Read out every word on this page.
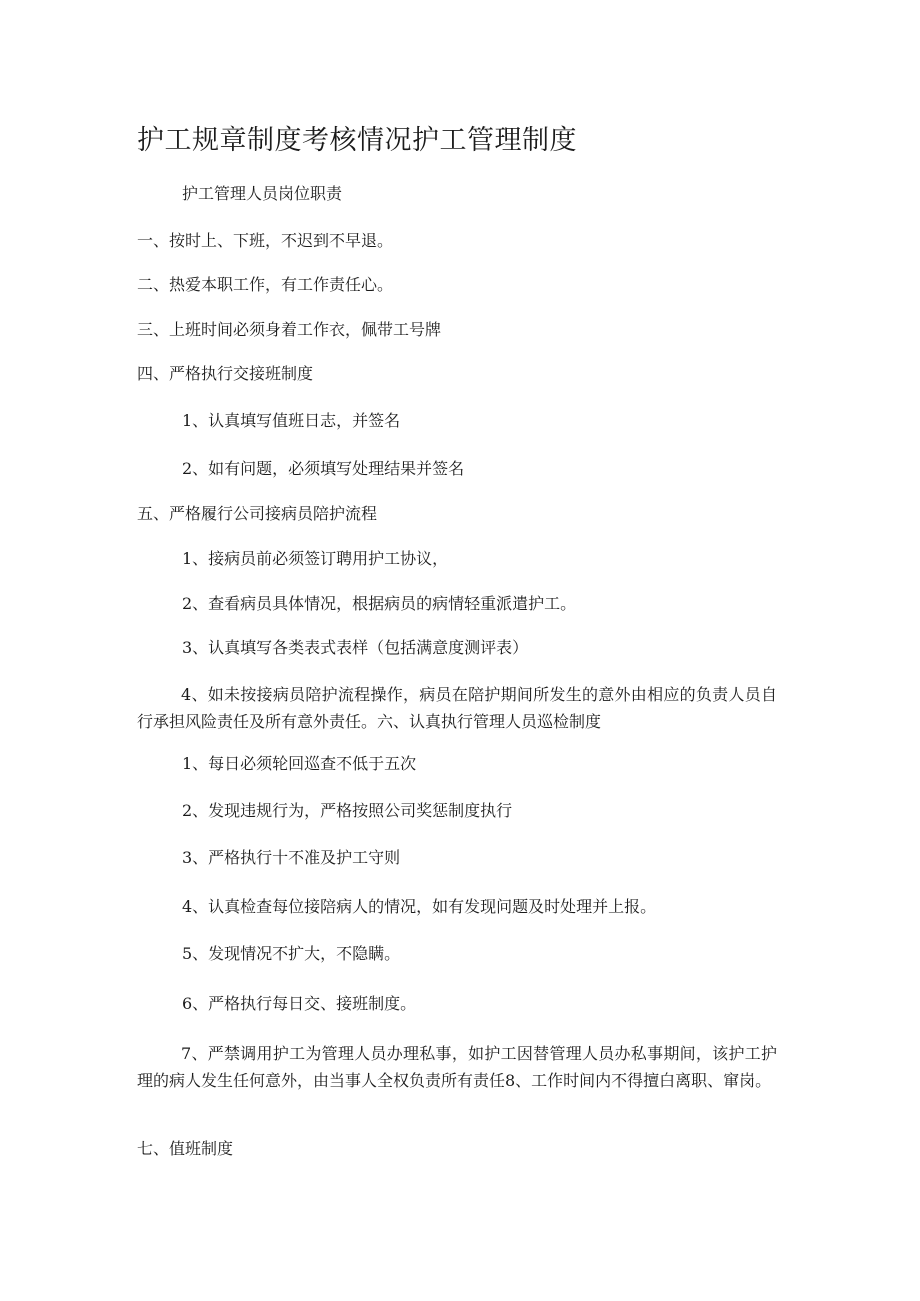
护工规章制度考核情况护工管理制度

护工管理人员岗位职责

一、按时上、下班，不迟到不早退。

二、热爱本职工作，有工作责任心。

三、上班时间必须身着工作衣，佩带工号牌

四、严格执行交接班制度

1、认真填写值班日志，并签名

2、如有问题，必须填写处理结果并签名

五、严格履行公司接病员陪护流程

1、接病员前必须签订聘用护工协议，

2、查看病员具体情况，根据病员的病情轻重派遣护工。

3、认真填写各类表式表样（包括满意度测评表）

4、如未按接病员陪护流程操作，病员在陪护期间所发生的意外由相应的负责人员自行承担风险责任及所有意外责任。六、认真执行管理人员巡检制度

1、每日必须轮回巡查不低于五次

2、发现违规行为，严格按照公司奖惩制度执行

3、严格执行十不准及护工守则

4、认真检查每位接陪病人的情况，如有发现问题及时处理并上报。

5、发现情况不扩大，不隐瞒。

6、严格执行每日交、接班制度。

7、严禁调用护工为管理人员办理私事，如护工因替管理人员办私事期间，该护工护理的病人发生任何意外，由当事人全权负责所有责任8、工作时间内不得擅白离职、窜岗。

七、值班制度
